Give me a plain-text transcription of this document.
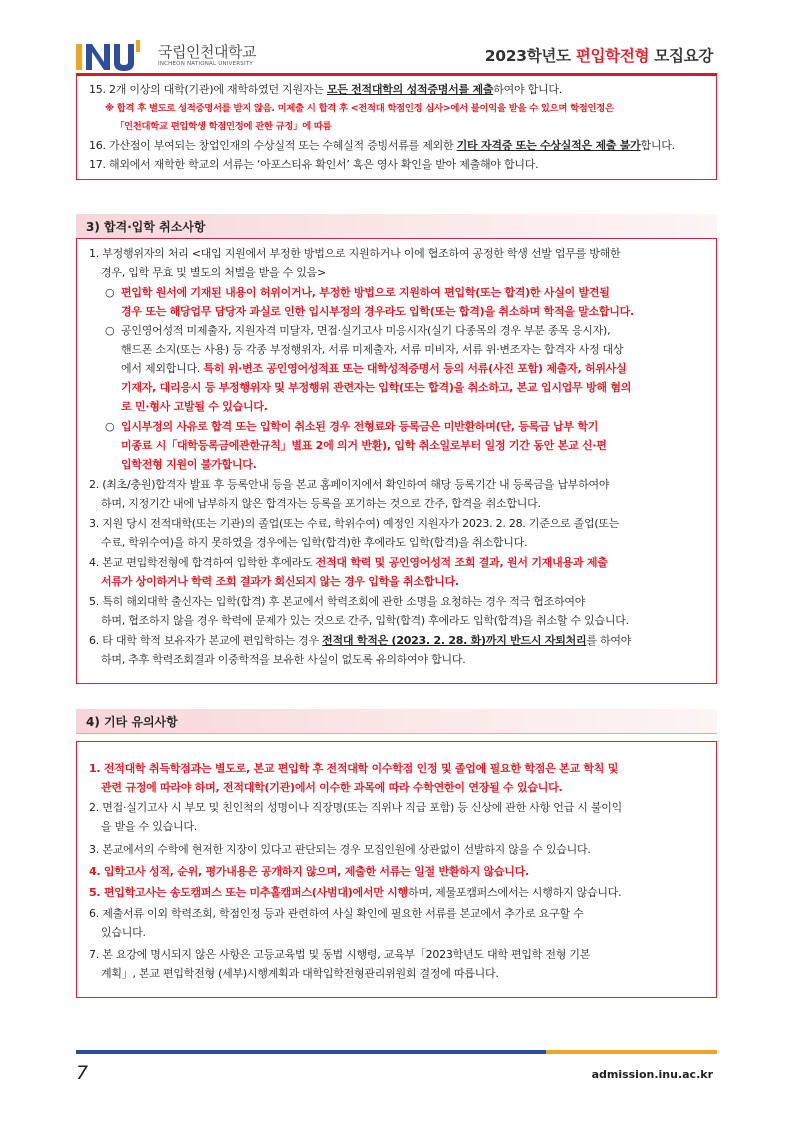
국립인천대학교
INCHEON NATIONAL UNIVERSITY	2023학년도 편입학전형 모집요강
15. 2개 이상의 대학(기관)에 재학하였던 지원자는 모든 전적대학의 성적증명서를 제출하여야 합니다.
※ 합격 후 별도로 성적증명서를 받지 않음. 미제출 시 합격 후 <전적대 학점인정 심사>에서 불이익을 받을 수 있으며 학점인정은
「인천대학교 편입학생 학점인정에 관한 규정」에 따름
16. 가산점이 부여되는 창업인재의 수상실적 또는 수혜실적 증빙서류를 제외한 기타 자격증 또는 수상실적은 제출 불가합니다.
17. 해외에서 재학한 학교의 서류는 ‘아포스티유 확인서’ 혹은 영사 확인을 받아 제출해야 합니다.
3) 합격·입학 취소사항
1. 부정행위자의 처리 <대입 지원에서 부정한 방법으로 지원하거나 이에 협조하여 공정한 학생 선발 업무를 방해한
경우, 입학 무효 및 별도의 처벌을 받을 수 있음>
○ 편입학 원서에 기재된 내용이 허위이거나, 부정한 방법으로 지원하여 편입학(또는 합격)한 사실이 발견될
경우 또는 해당업무 담당자 과실로 인한 입시부정의 경우라도 입학(또는 합격)을 취소하며 학적을 말소합니다.
○ 공인영어성적 미제출자, 지원자격 미달자, 면접·실기고사 미응시자(실기 다종목의 경우 부분 종목 응시자),
핸드폰 소지(또는 사용) 등 각종 부정행위자, 서류 미제출자, 서류 미비자, 서류 위·변조자는 합격자 사정 대상
에서 제외합니다. 특히 위·변조 공인영어성적표 또는 대학성적증명서 등의 서류(사진 포함) 제출자, 허위사실
기재자, 대리응시 등 부정행위자 및 부정행위 관련자는 입학(또는 합격)을 취소하고, 본교 입시업무 방해 혐의
로 민·형사 고발될 수 있습니다.
○ 입시부정의 사유로 합격 또는 입학이 취소된 경우 전형료와 등록금은 미반환하며(단, 등록금 납부 학기
미종료 시「대학등록금에관한규칙」별표 2에 의거 반환), 입학 취소일로부터 일정 기간 동안 본교 신·편
입학전형 지원이 불가합니다.
2. (최초/충원)합격자 발표 후 등록안내 등을 본교 홈페이지에서 확인하여 해당 등록기간 내 등록금을 납부하여야
하며, 지정기간 내에 납부하지 않은 합격자는 등록을 포기하는 것으로 간주, 합격을 취소합니다.
3. 지원 당시 전적대학(또는 기관)의 졸업(또는 수료, 학위수여) 예정인 지원자가 2023. 2. 28. 기준으로 졸업(또는
수료, 학위수여)을 하지 못하였을 경우에는 입학(합격)한 후에라도 입학(합격)을 취소합니다.
4. 본교 편입학전형에 합격하여 입학한 후에라도 전적대 학력 및 공인영어성적 조회 결과, 원서 기재내용과 제출
서류가 상이하거나 학력 조회 결과가 회신되지 않는 경우 입학을 취소합니다.
5. 특히 해외대학 출신자는 입학(합격) 후 본교에서 학력조회에 관한 소명을 요청하는 경우 적극 협조하여야
하며, 협조하지 않을 경우 학력에 문제가 있는 것으로 간주, 입학(합격) 후에라도 입학(합격)을 취소할 수 있습니다.
6. 타 대학 학적 보유자가 본교에 편입학하는 경우 전적대 학적은 (2023. 2. 28. 화)까지 반드시 자퇴처리를 하여야
하며, 추후 학력조회결과 이중학적을 보유한 사실이 없도록 유의하여야 합니다.
4) 기타 유의사항
1. 전적대학 취득학점과는 별도로, 본교 편입학 후 전적대학 이수학점 인정 및 졸업에 필요한 학점은 본교 학칙 및
관련 규정에 따라야 하며, 전적대학(기관)에서 이수한 과목에 따라 수학연한이 연장될 수 있습니다.
2. 면접·실기고사 시 부모 및 친인척의 성명이나 직장명(또는 직위나 직급 포함) 등 신상에 관한 사항 언급 시 불이익
을 받을 수 있습니다.
3. 본교에서의 수학에 현저한 지장이 있다고 판단되는 경우 모집인원에 상관없이 선발하지 않을 수 있습니다.
4. 입학고사 성적, 순위, 평가내용은 공개하지 않으며, 제출한 서류는 일절 반환하지 않습니다.
5. 편입학고사는 송도캠퍼스 또는 미추홀캠퍼스(사범대)에서만 시행하며, 제물포캠퍼스에서는 시행하지 않습니다.
6. 제출서류 이외 학력조회, 학점인정 등과 관련하여 사실 확인에 필요한 서류를 본교에서 추가로 요구할 수
있습니다.
7. 본 요강에 명시되지 않은 사항은 고등교육법 및 동법 시행령, 교육부「2023학년도 대학 편입학 전형 기본
계획」, 본교 편입학전형 (세부)시행계획과 대학입학전형관리위원회 결정에 따릅니다.
7	admission.inu.ac.kr
